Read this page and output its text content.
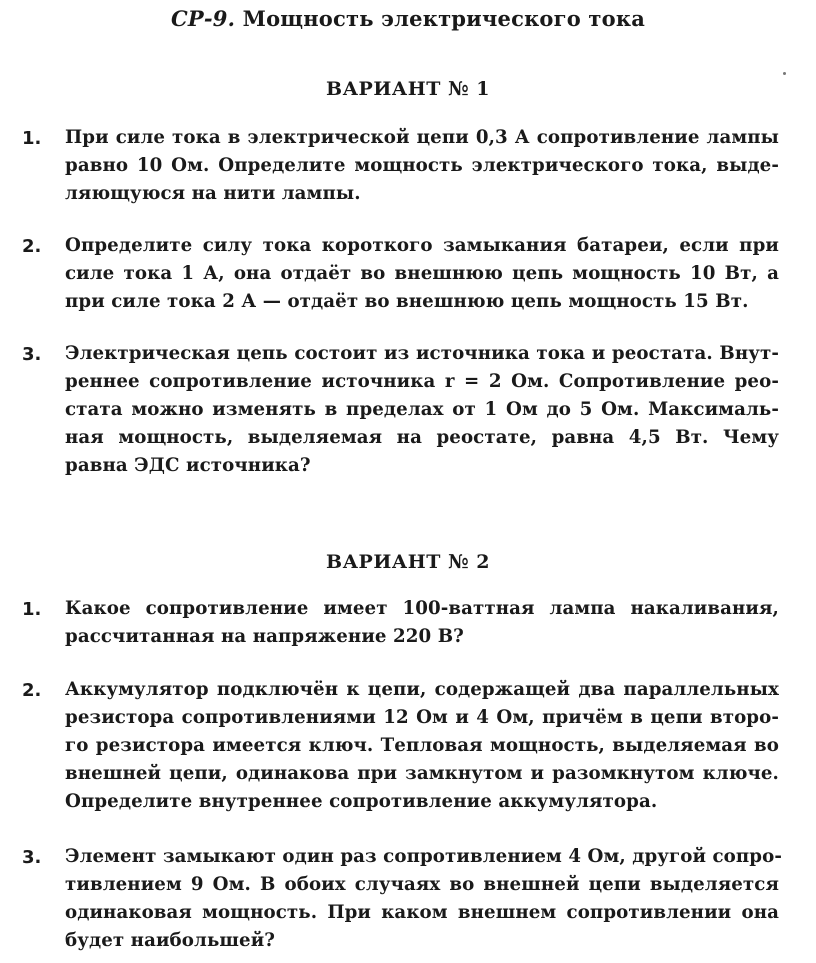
СР-9. Мощность электрического тока
ВАРИАНТ № 1
1. При силе тока в электрической цепи 0,3 А сопротивление лампы
равно 10 Ом. Определите мощность электрического тока, выде-
ляющуюся на нити лампы.
2. Определите силу тока короткого замыкания батареи, если при
силе тока 1 А, она отдаёт во внешнюю цепь мощность 10 Вт, а
при силе тока 2 А — отдаёт во внешнюю цепь мощность 15 Вт.
3. Электрическая цепь состоит из источника тока и реостата. Внут-
реннее сопротивление источника r = 2 Ом. Сопротивление рео-
стата можно изменять в пределах от 1 Ом до 5 Ом. Максималь-
ная мощность, выделяемая на реостате, равна 4,5 Вт. Чему
равна ЭДС источника?
ВАРИАНТ № 2
1. Какое сопротивление имеет 100-ваттная лампа накаливания,
рассчитанная на напряжение 220 В?
2. Аккумулятор подключён к цепи, содержащей два параллельных
резистора сопротивлениями 12 Ом и 4 Ом, причём в цепи второ-
го резистора имеется ключ. Тепловая мощность, выделяемая во
внешней цепи, одинакова при замкнутом и разомкнутом ключе.
Определите внутреннее сопротивление аккумулятора.
3. Элемент замыкают один раз сопротивлением 4 Ом, другой сопро-
тивлением 9 Ом. В обоих случаях во внешней цепи выделяется
одинаковая мощность. При каком внешнем сопротивлении она
будет наибольшей?
